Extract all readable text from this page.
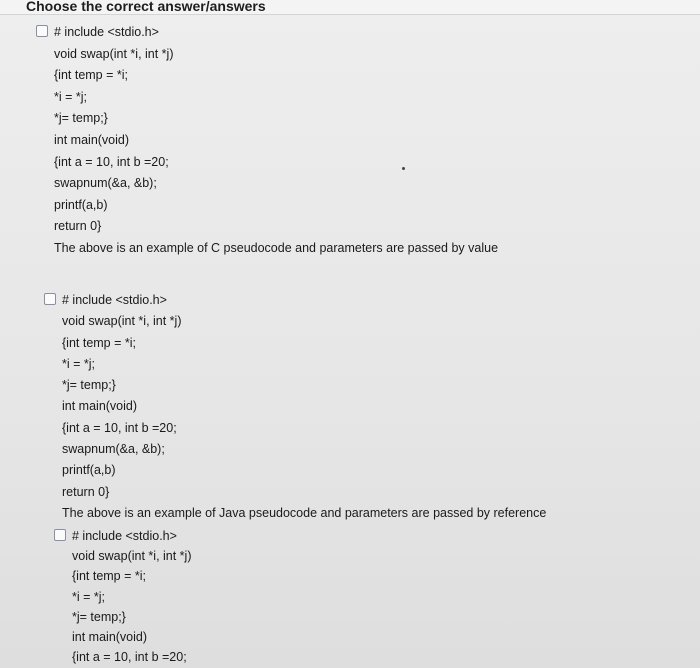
Choose the correct answer/answers
# include <stdio.h>
void swap(int *i, int *j)
{int temp = *i;
*i = *j;
*j= temp;}
int main(void)
{int a = 10, int b =20;
swapnum(&a, &b);
printf(a,b)
return 0}
The above is an example of C pseudocode and parameters are passed by value
# include <stdio.h>
void swap(int *i, int *j)
{int temp = *i;
*i = *j;
*j= temp;}
int main(void)
{int a = 10, int b =20;
swapnum(&a, &b);
printf(a,b)
return 0}
The above is an example of Java pseudocode and parameters are passed by reference
# include <stdio.h>
void swap(int *i, int *j)
{int temp = *i;
*i = *j;
*j= temp;}
int main(void)
{int a = 10, int b =20;
